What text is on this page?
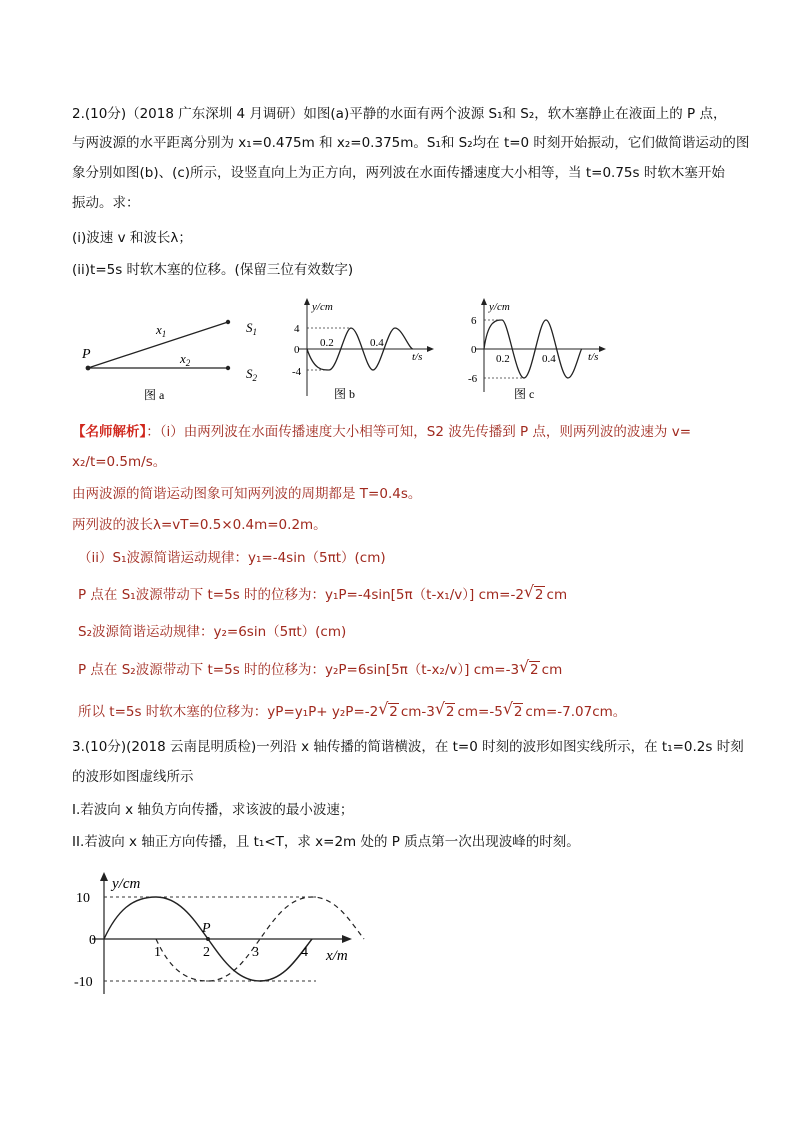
2.(10分)（2018 广东深圳 4 月调研）如图(a)平静的水面有两个波源 S₁和 S₂，软木塞静止在液面上的 P 点，
与两波源的水平距离分别为 x₁=0.475m 和 x₂=0.375m。S₁和 S₂均在 t=0 时刻开始振动，它们做简谐运动的图
象分别如图(b)、(c)所示，设竖直向上为正方向，两列波在水面传播速度大小相等，当 t=0.75s 时软木塞开始
振动。求：
(i)波速 v 和波长λ；
(ii)t=5s 时软木塞的位移。(保留三位有效数字)
P
$x_1$
$x_2$
$S_1$
$S_2$
图 a
y/cm
4
0
-4
0.2	0.4
t/s
图 b
y/cm
6
0
-6
0.2	0.4	t/s
图 c
【名师解析】：（i）由两列波在水面传播速度大小相等可知，S2 波先传播到 P 点，则两列波的波速为 v=
x₂/t=0.5m/s。
由两波源的简谐运动图象可知两列波的周期都是 T=0.4s。
两列波的波长λ=vT=0.5×0.4m=0.2m。
（ii）S₁波源简谐运动规律：y₁=-4sin（5πt）(cm)
P 点在 S₁波源带动下 t=5s 时的位移为：y₁P=-4sin[5π（t-x₁/v）] cm=-2 √ 2 cm
S₂波源简谐运动规律：y₂=6sin（5πt）(cm)
P 点在 S₂波源带动下 t=5s 时的位移为：y₂P=6sin[5π（t-x₂/v）] cm=-3 √ 2 cm
所以 t=5s 时软木塞的位移为：yP=y₁P+ y₂P=-2 √ 2 cm-3 √ 2 cm=-5 √ 2 cm=-7.07cm。
3.(10分)(2018 云南昆明质检)一列沿 x 轴传播的简谐横波，在 t=0 时刻的波形如图实线所示，在 t₁=0.2s 时刻
的波形如图虚线所示
I.若波向 x 轴负方向传播，求该波的最小波速；
II.若波向 x 轴正方向传播，且 t₁<T，求 x=2m 处的 P 质点第一次出现波峰的时刻。
y/cm
10
0
-10
1	2	3	4
P
x/m
